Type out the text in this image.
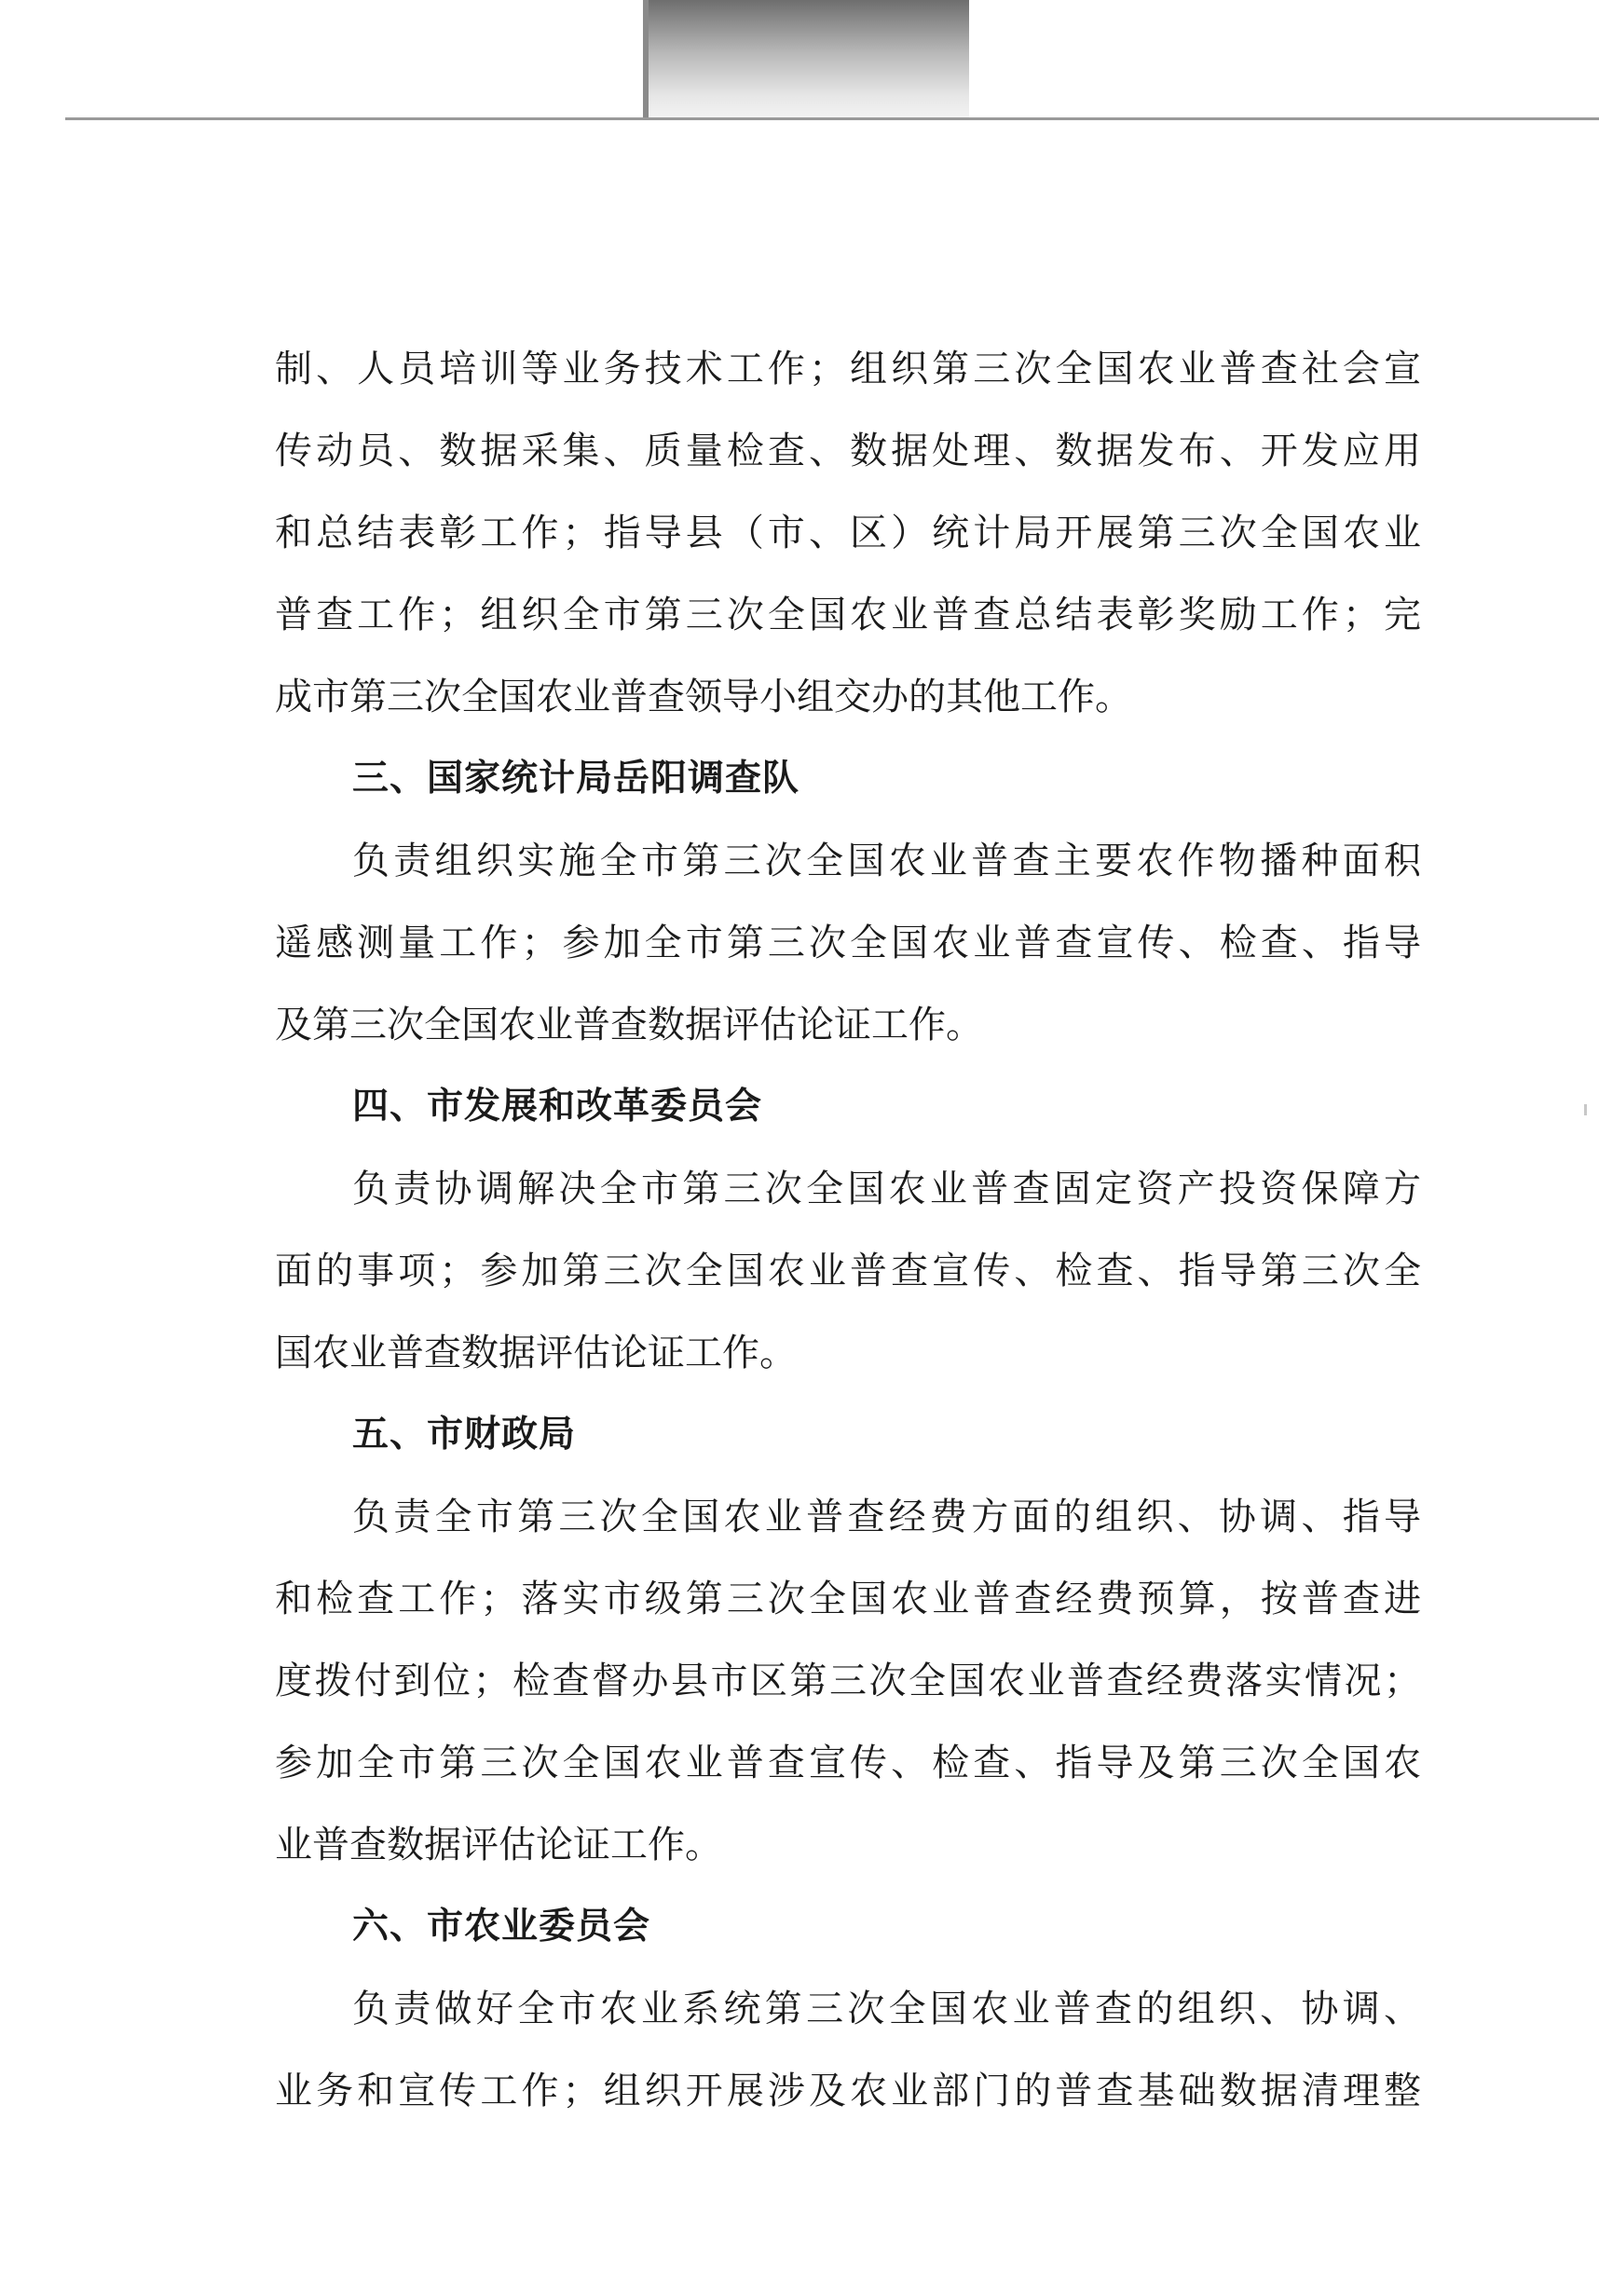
制、人员培训等业务技术工作；组织第三次全国农业普查社会宣
传动员、数据采集、质量检查、数据处理、数据发布、开发应用
和总结表彰工作；指导县（市、区）统计局开展第三次全国农业
普查工作；组织全市第三次全国农业普查总结表彰奖励工作；完
成市第三次全国农业普查领导小组交办的其他工作。
三、国家统计局岳阳调查队
负责组织实施全市第三次全国农业普查主要农作物播种面积
遥感测量工作；参加全市第三次全国农业普查宣传、检查、指导
及第三次全国农业普查数据评估论证工作。
四、市发展和改革委员会
负责协调解决全市第三次全国农业普查固定资产投资保障方
面的事项；参加第三次全国农业普查宣传、检查、指导第三次全
国农业普查数据评估论证工作。
五、市财政局
负责全市第三次全国农业普查经费方面的组织、协调、指导
和检查工作；落实市级第三次全国农业普查经费预算，按普查进
度拨付到位；检查督办县市区第三次全国农业普查经费落实情况；
参加全市第三次全国农业普查宣传、检查、指导及第三次全国农
业普查数据评估论证工作。
六、市农业委员会
负责做好全市农业系统第三次全国农业普查的组织、协调、
业务和宣传工作；组织开展涉及农业部门的普查基础数据清理整
